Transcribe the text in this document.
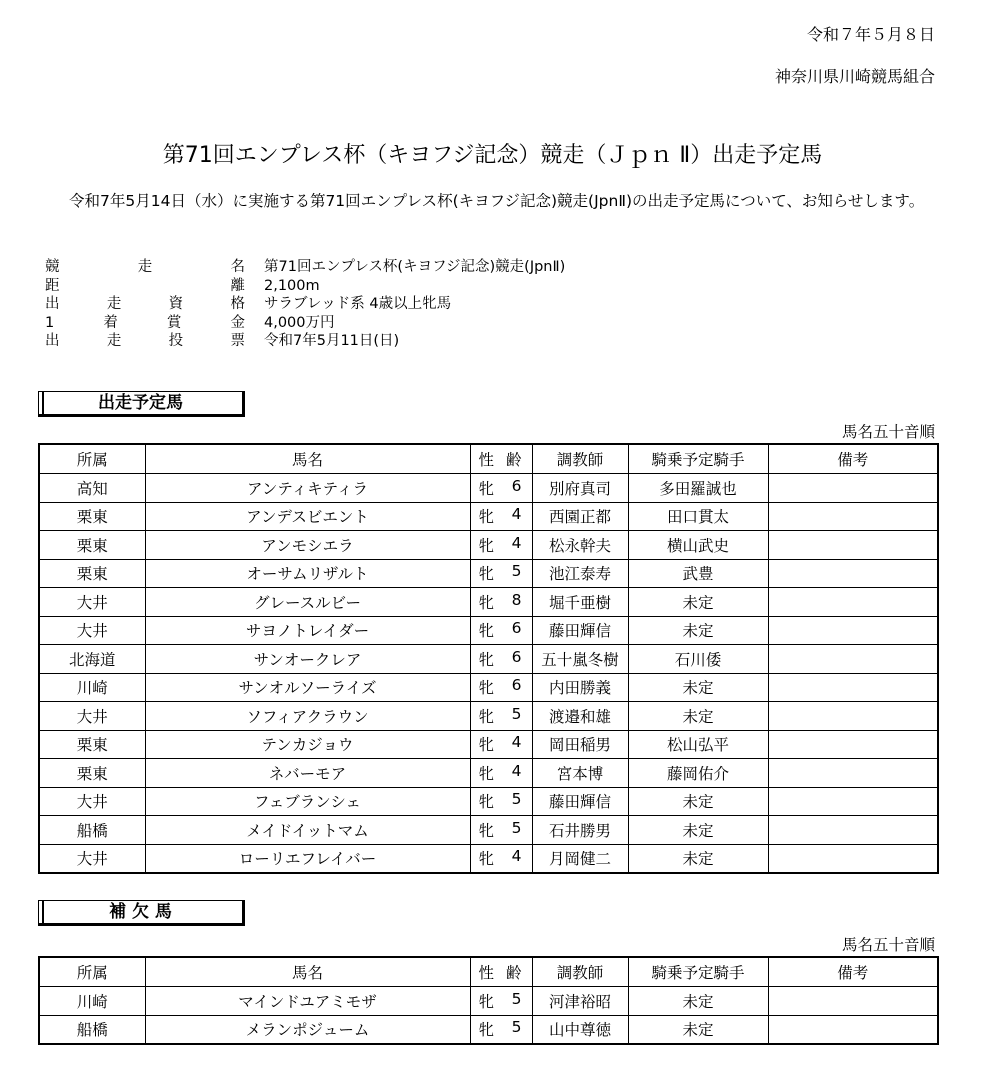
令和７年５月８日
神奈川県川崎競馬組合
第71回エンプレス杯（キヨフジ記念）競走（Ｊｐｎ Ⅱ）出走予定馬
令和7年5月14日（水）に実施する第71回エンプレス杯(キヨフジ記念)競走(JpnⅡ)の出走予定馬について、お知らせします。
競	走	名 第71回エンプレス杯(キヨフジ記念)競走(JpnⅡ)
距	離 2,100m
出	走	資	格 サラブレッド系 4歳以上牝馬
1	着	賞	金 4,000万円
出	走	投	票 令和7年5月11日(日)
出走予定馬
馬名五十音順
所属	馬名	性 齢	調教師	騎乗予定騎手	備考
高知	アンティキティラ	牝 6	別府真司	多田羅誠也	
栗東	アンデスビエント	牝 4	西園正都	田口貫太	
栗東	アンモシエラ	牝 4	松永幹夫	横山武史	
栗東	オーサムリザルト	牝 5	池江泰寿	武豊	
大井	グレースルビー	牝 8	堀千亜樹	未定	
大井	サヨノトレイダー	牝 6	藤田輝信	未定	
北海道	サンオークレア	牝 6	五十嵐冬樹	石川倭	
川崎	サンオルソーライズ	牝 6	内田勝義	未定	
大井	ソフィアクラウン	牝 5	渡邉和雄	未定	
栗東	テンカジョウ	牝 4	岡田稲男	松山弘平	
栗東	ネバーモア	牝 4	宮本博	藤岡佑介	
大井	フェブランシェ	牝 5	藤田輝信	未定	
船橋	メイドイットマム	牝 5	石井勝男	未定	
大井	ローリエフレイバー	牝 4	月岡健二	未定	
補 欠 馬
馬名五十音順
所属	馬名	性 齢	調教師	騎乗予定騎手	備考
川崎	マインドユアミモザ	牝 5	河津裕昭	未定	
船橋	メランポジューム	牝 5	山中尊徳	未定	
